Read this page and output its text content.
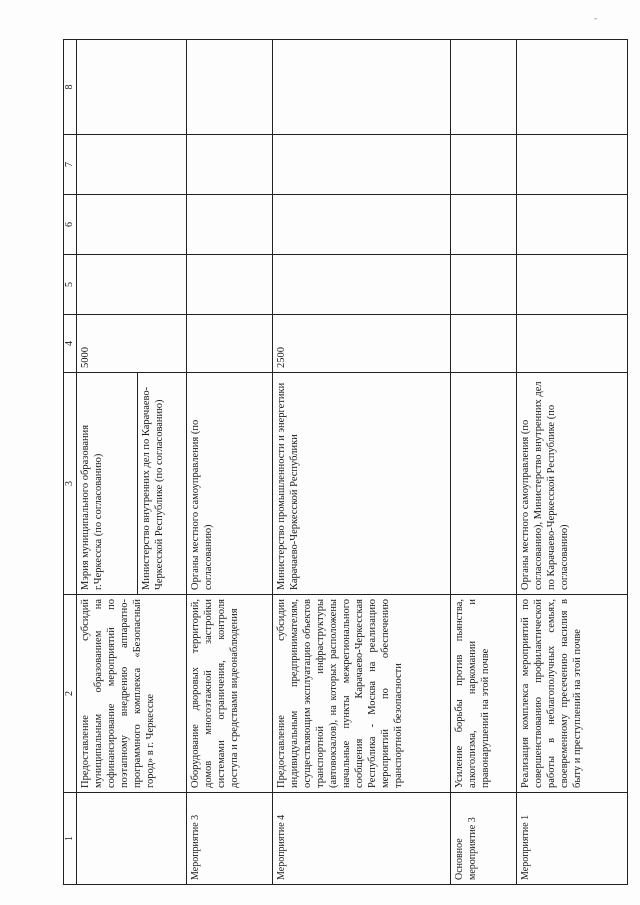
-
1	2	3	4	5	6	7	8
	Предоставление субсидий муниципальным образованием на софинансирование мероприятий по поэтапному внедрению аппаратно-программного комплекса «Безопасный город» в г. Черкесске	Мэрия муниципального образования г.Черкесска (по согласованию) Министерство внутренних дел по Карачаево-Черкесской Республике (по согласованию)	5000				
Мероприятие 3	Оборудование дворовых территорий, домов многоэтажной застройки системами ограничения, контроля доступа и средствами видеонаблюдения	Органы местного самоуправления (по согласованию)					
Мероприятие 4	Предоставление субсидии индивидуальным предпринимателям, осуществляющим эксплуатацию объектов транспортной инфраструктуры (автовокзалов), на которых расположены начальные пункты межрегионального сообщения Карачаево-Черкесская Республика - Москва на реализацию мероприятий по обеспечению транспортной безопасности	Министерство промышленности и энергетики Карачаево-Черкесской Республики	2500				
Основное мероприятие 3	Усиление борьбы против пьянства, алкоголизма, наркомании и правонарушений на этой почве						
Мероприятие 1	Реализация комплекса мероприятий по совершенствованию профилактической работы в неблагополучных семьях, своевременному пресечению насилия в быту и преступлений на этой почве	Органы местного самоуправления (по согласованию), Министерство внутренних дел по Карачаево-Черкесской Республике (по согласованию)					
